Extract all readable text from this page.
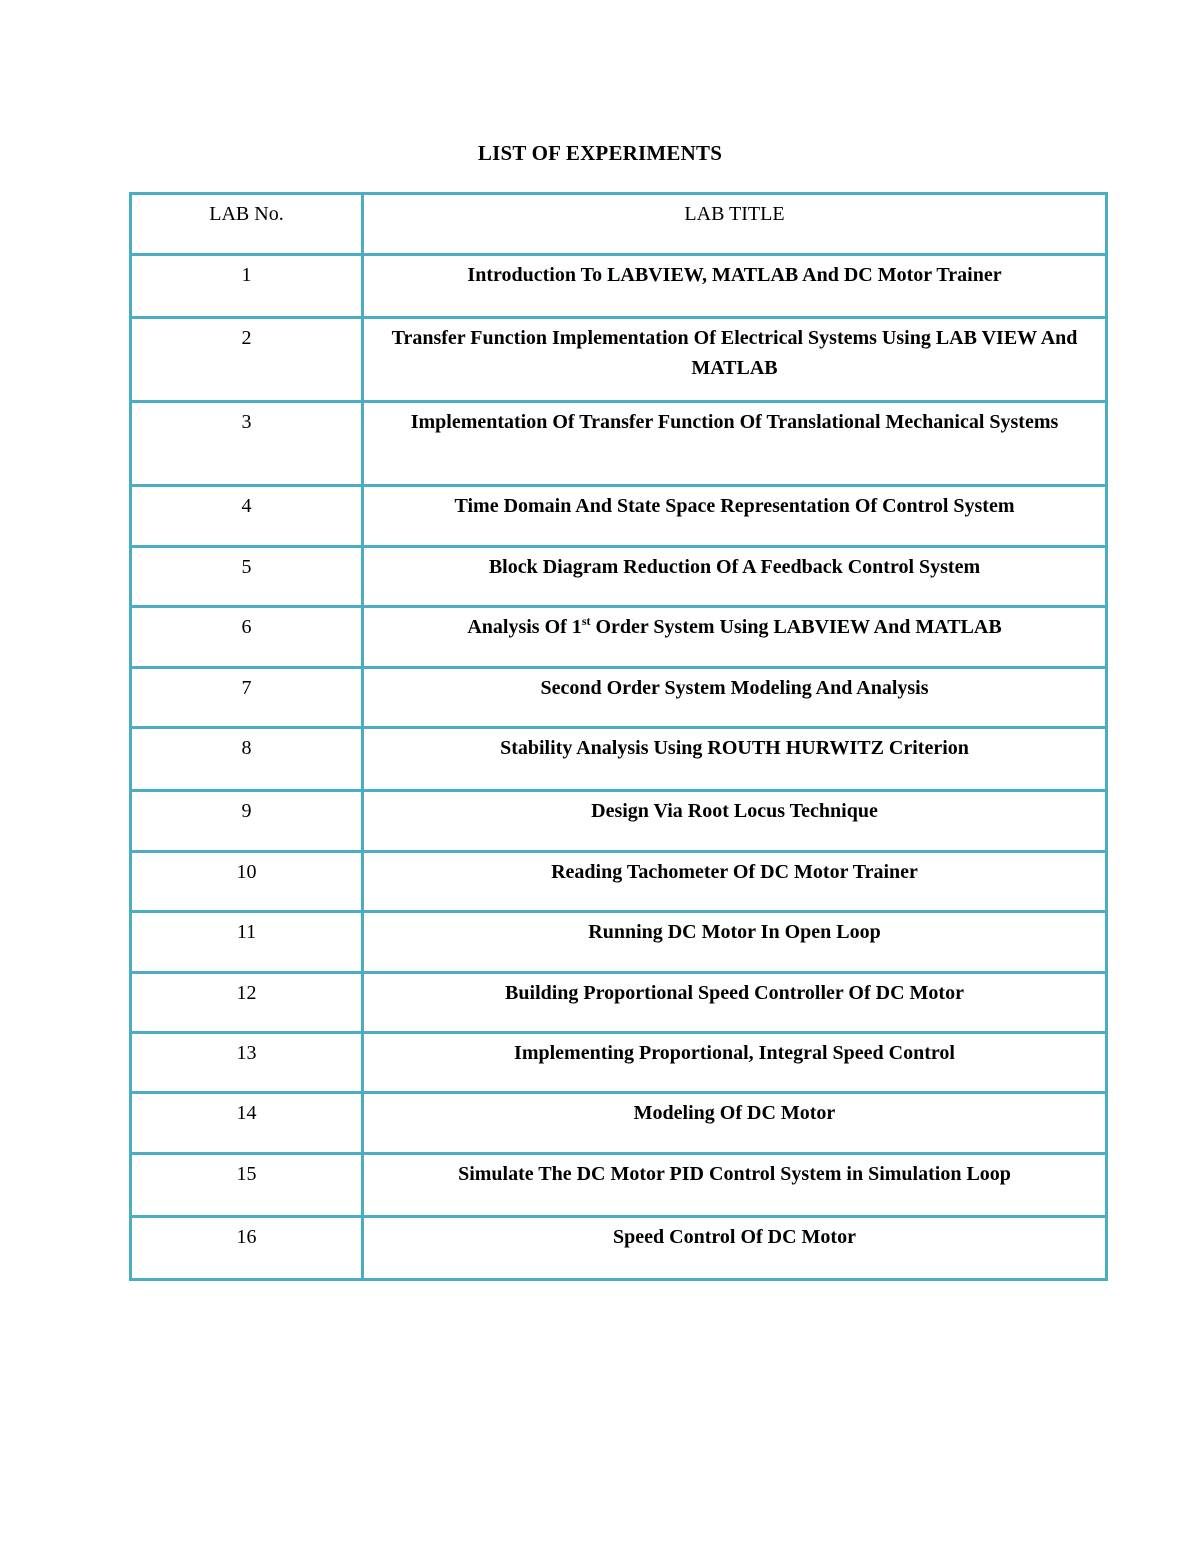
LIST OF EXPERIMENTS
LAB No.	LAB TITLE
1	Introduction To LABVIEW, MATLAB And DC Motor Trainer
2	Transfer Function Implementation Of Electrical Systems Using LAB VIEW And MATLAB
3	Implementation Of Transfer Function Of Translational Mechanical Systems
4	Time Domain And State Space Representation Of Control System
5	Block Diagram Reduction Of A Feedback Control System
6	Analysis Of 1st Order System Using LABVIEW And MATLAB
7	Second Order System Modeling And Analysis
8	Stability Analysis Using ROUTH HURWITZ Criterion
9	Design Via Root Locus Technique
10	Reading Tachometer Of DC Motor Trainer
11	Running DC Motor In Open Loop
12	Building Proportional Speed Controller Of DC Motor
13	Implementing Proportional, Integral Speed Control
14	Modeling Of DC Motor
15	Simulate The DC Motor PID Control System in Simulation Loop
16	Speed Control Of DC Motor
